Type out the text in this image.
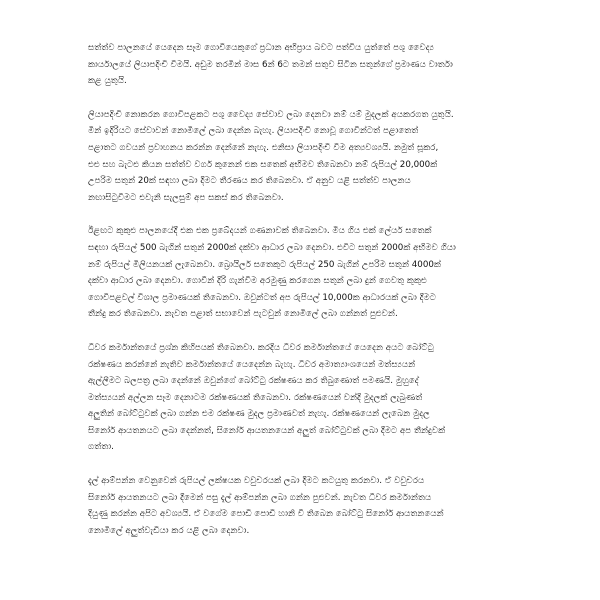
සත්ත්ව පාලනයේ යෙදෙන සෑම ගොවියෙකුගේ ප්‍රධාන අභිප්‍රාය බවට පත්විය යුත්තේ පශු වෛද්‍ය
කාර්යාලයේ ලියාපදිංචි වීමයි. අඩුම තරමින් මාස 6න් 6ට තමන් සතුව සිටින සතුන්ගේ ප්‍රමාණය වාර්තා
කළ යුතුයි.

ලියාපදිංචි නොකරන ගොවිපළකට පශු වෛද්‍ය සේවාව ලබා දෙනවා නම් යම් මුදලක් අයකරගත යුතුයි.
මින් ඉදිරියට සේවාවන් නොමිලේ ලබා දෙන්න බැහැ. ලියාපදිංචි නොවූ ගොවීන්ටත් පළාතෙත්
පළාතට ගවයන් ප්‍රවාහනය කරන්න දෙන්නේ නැහැ. එනිසා ලියාපදිංචි වීම අත්‍යවශ්‍යයි. නමුත් සූකර,
එළු සහ බැටළු කියන සත්ත්ව වර්ග කුනෙන් එක සතෙක් අභිමව තිබෙනවා නම් රුපියල් 20,000ක්
උපරිම සතුන් 20ක් සඳහා ලබා දීමට තීරණය කර තිබෙනවා. ඒ අනුව යළි සත්ත්ව පාලනය
නඟාසිටුවීමට එවැනි සැලසුම් අප සකස් කර තිබෙනවා.

ඊළඟට කුකුළු පාලනයේදී එක එක ප්‍රබේදයන් ගණනාවක් තිබෙනවා. මිය ගිය එක් ලේයර් සතෙක්
සඳහා රුපියල් 500 බැගින් සතුන් 2000ක් දක්වා ආධාර ලබා දෙනවා. එවිට සතුන් 2000ක් අභිමව ගියා
නම් රුපියල් මිලියනයක් ලැබෙනවා. බ්‍රොයිලර් සතෙකුට රුපියල් 250 බැගින් උපරිම සතුන් 4000ක්
දක්වා ආධාර ලබා දෙනවා. ගොවීන් දිරි ගැන්වීම අරමුණු කරගෙන සතුන් ලබා දුන් ගෙවතු කුකුළු
ගොවිපළවල් විශාල ප්‍රමාණයක් තිබෙනවා. ඔවුන්ටත් අප රුපියල් 10,000ක ආධාරයක් ලබා දීමට
තීන්දු කර තිබෙනවා. නැවත පළාත් සභාවෙන් පැටවුන් නොමිලේ ලබා ගන්නත් පුළුවන්.

ධීවර කර්මාන්තයේ ප්‍රශ්න කිහිපයක් තිබෙනවා. කරදිය ධීවර කර්මාන්තයේ යෙදෙන අයට බෝට්ටු
රක්ෂණය කරන්නේ නැතිව කර්මාන්තයේ යෙදෙන්න බැහැ. ධීවර අමාත්‍යාංශයෙන් මත්ස්‍යයන්
ඇල්ලීමට බලපත්‍ර ලබා දෙන්නේ ඔවුන්ගේ බෝට්ටු රක්ෂණය කර තිබුණොත් පමණයි. මුහුදේ
මත්ස්‍යයන් අල්ලන සෑම දෙනාටම රක්ෂණයක් තිබෙනවා. රක්ෂණයෙන් වන්දි මුදලක් ලැබුණත්
අලුතින් බෝට්ටුවක් ලබා ගන්න එම රක්ෂණ මුදල ප්‍රමාණවත් නැහැ. රක්ෂණයෙන් ලැබෙන මුදල
සිනෝර් ආයතනයට ලබා දෙන්නත්, සිනෝර් ආයතනයෙන් අලුත් බෝට්ටුවක් ලබා දීමට අප තීන්දුවක්
ගත්තා.

දැල් ආම්පන්න වෙනුවෙන් රුපියල් ලක්ෂයක වවුචරයක් ලබා දීමට කටයුතු කරනවා. ඒ වවුචරය
සිනෝර් ආයතනයට ලබා දීමෙන් පසු දැල් ආම්පන්න ලබා ගන්න පුළුවන්. නැවත ධීවර කර්මාන්තය
දියුණු කරන්න අපිට අවශ්‍යයි. ඒ වගේම පොඩි පොඩි හානි වී තිබෙන බෝට්ටු සිනෝර් ආයතනයෙන්
නොමිලේ අලුත්වැඩියා කර යළි ලබා දෙනවා.
